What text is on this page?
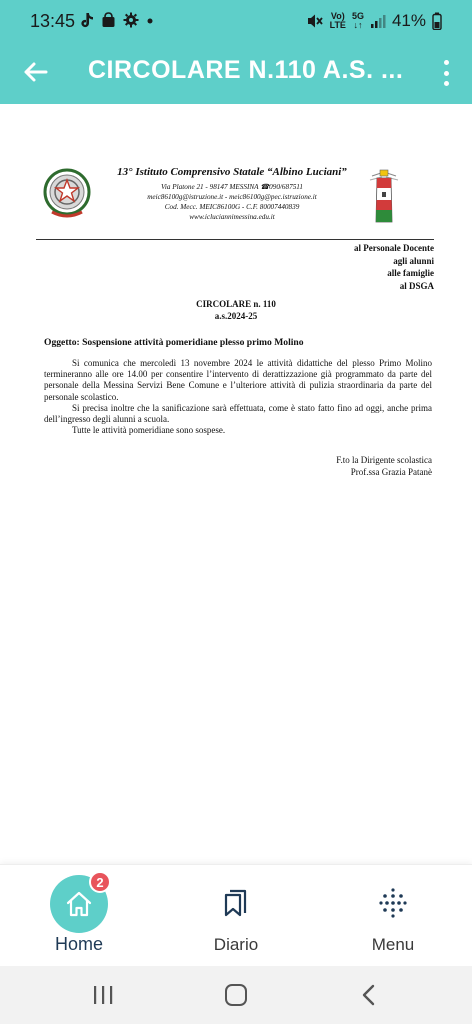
13:45	Vo)
LTE
5G
↓↑ 41%
CIRCOLARE N.110 A.S. ...
13° Istituto Comprensivo Statale “Albino Luciani”
Via Platone 21 - 98147 MESSINA ☎090/687511
meic86100g@istruzione.it - meic86100g@pec.istruzione.it
Cod. Mecc. MEIC86100G - C.F. 80007440839
www.icluciannimessina.edu.it
al Personale Docente
agli alunni
alle famiglie
al DSGA
CIRCOLARE n. 110
a.s.2024-25
Oggetto: Sospensione attività pomeridiane plesso primo Molino

Si comunica che mercoledì 13 novembre 2024 le attività didattiche del plesso Primo Molino termineranno alle ore 14.00 per consentire l’intervento di derattizzazione già programmato da parte del personale della Messina Servizi Bene Comune e l’ulteriore attività di pulizia straordinaria da parte del personale scolastico.

Si precisa inoltre che la sanificazione sarà effettuata, come è stato fatto fino ad oggi, anche prima dell’ingresso degli alunni a scuola.

Tutte le attività pomeridiane sono sospese.

F.to la Dirigente scolastica
Prof.ssa Grazia Patanè
2
Home	Diario	Menu
